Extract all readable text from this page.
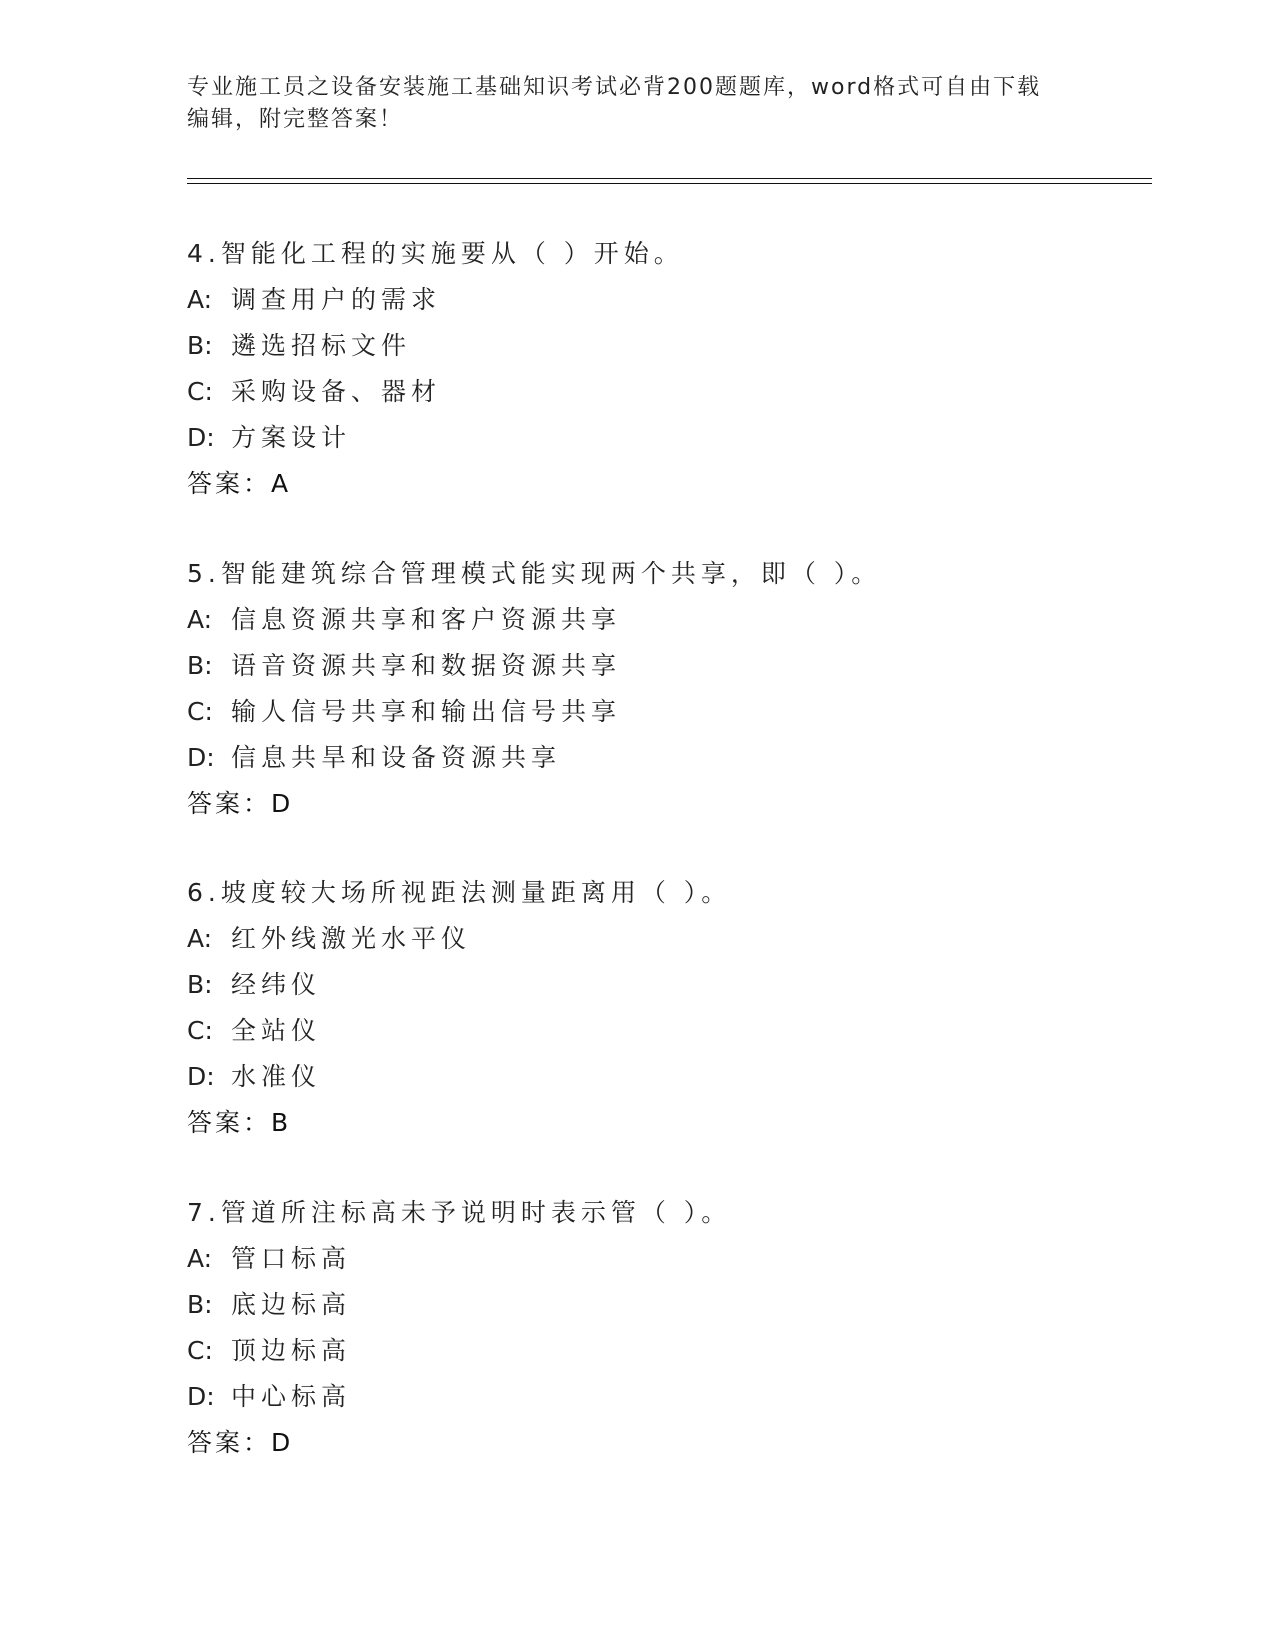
专业施工员之设备安装施工基础知识考试必背200题题库，word格式可自由下载
编辑，附完整答案！
4.智能化工程的实施要从（ ）开始。
A: 调查用户的需求
B: 遴选招标文件
C: 采购设备、器材
D: 方案设计
答案：A
5.智能建筑综合管理模式能实现两个共享，即（ ）。
A: 信息资源共享和客户资源共享
B: 语音资源共享和数据资源共享
C: 输人信号共享和输出信号共享
D: 信息共旱和设备资源共享
答案：D
6.坡度较大场所视距法测量距离用（ ）。
A: 红外线激光水平仪
B: 经纬仪
C: 全站仪
D: 水准仪
答案：B
7.管道所注标高未予说明时表示管（ ）。
A: 管口标高
B: 底边标高
C: 顶边标高
D: 中心标高
答案：D
